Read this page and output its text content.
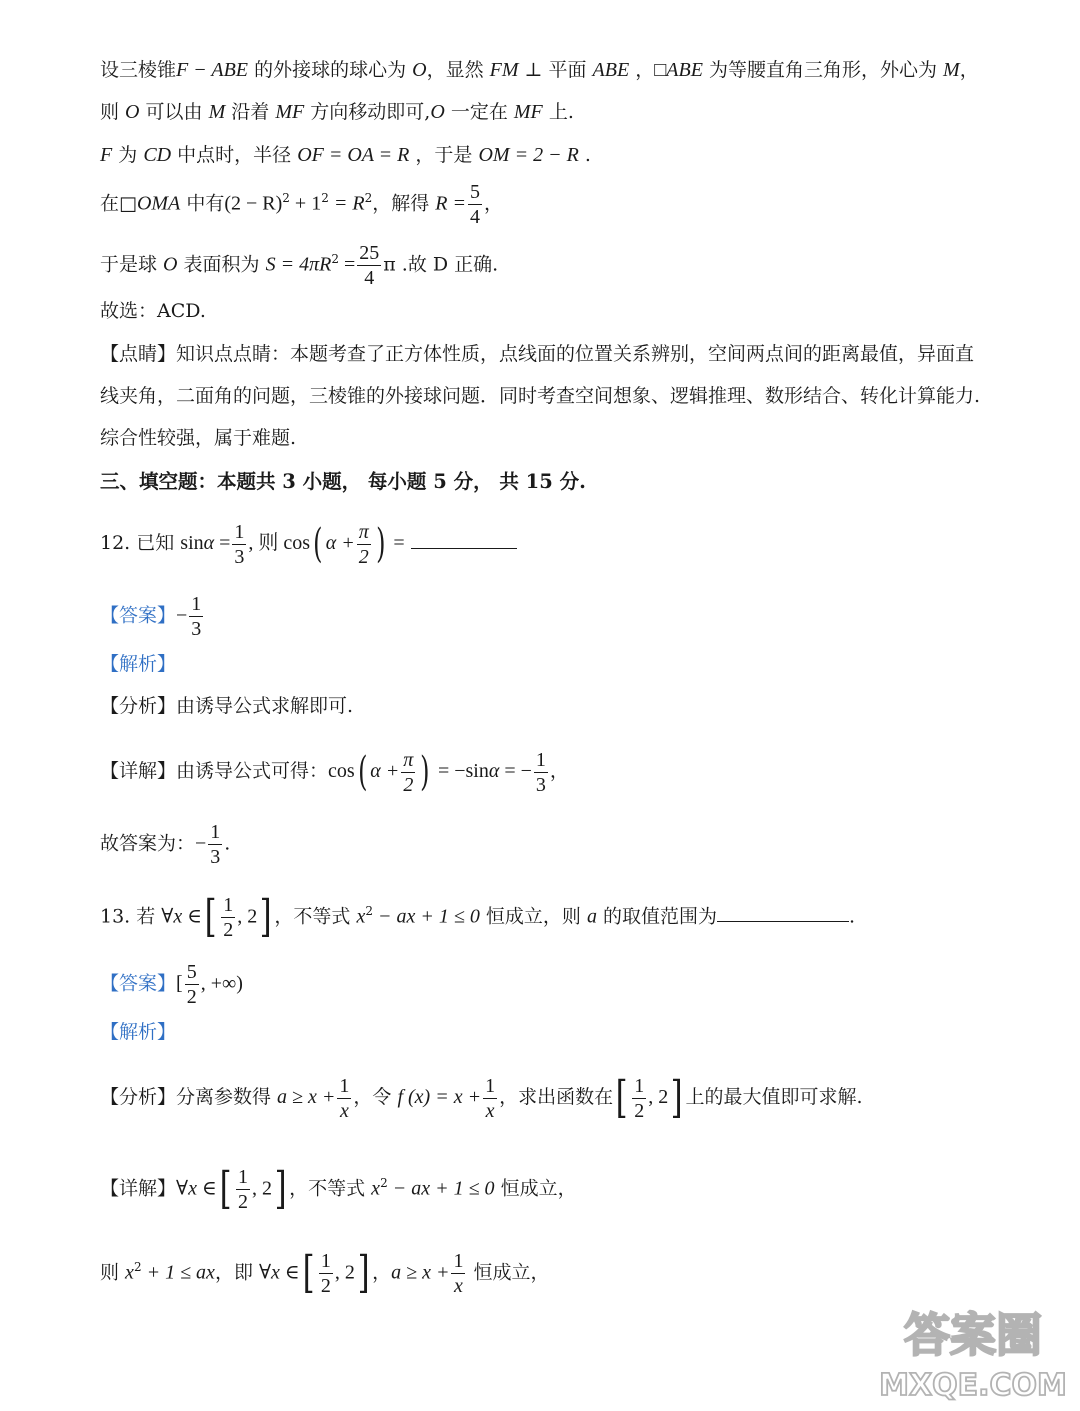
设三棱锥F − ABE 的外接球的球心为 O，显然 FM ⊥ 平面 ABE ，□ABE 为等腰直角三角形，外心为 M，
则 O 可以由 M 沿着 MF 方向移动即可,O 一定在 MF 上.
F 为 CD 中点时，半径 OF = OA = R ，于是 OM = 2 − R .
在□OMA 中有$(2 - R)^2 + 1^2 = R^2$，解得 $R = \frac{5}{4}$ ，
于是球 O 表面积为 $S = 4\pi R^2 = \frac{25}{4}$ π .故 D 正确.
故选：ACD.
【点睛】知识点点睛：本题考查了正方体性质，点线面的位置关系辨别，空间两点间的距离最值，异面直
线夹角，二面角的问题，三棱锥的外接球问题．同时考查空间想象、逻辑推理、数形结合、转化计算能力.
综合性较强，属于难题.
三、填空题：本题共 3 小题， 每小题 5 分， 共 15 分.
12. 已知 $\sin\alpha = \frac{1}{3}$ , 则 cos( $\alpha + \frac{\pi}{2}$ ) =
【答案】− $\frac{1}{3}$
【解析】
【分析】由诱导公式求解即可.
【详解】由诱导公式可得：cos( $\alpha + \frac{\pi}{2}$ ) = −sinα = − $\frac{1}{3}$ ，
故答案为：− $\frac{1}{3}$ .
13. 若 ∀x ∈[ $\frac{1}{2}$ , 2] ，不等式 $x^2$ − ax + 1 ≤ 0 恒成立，则 a 的取值范围为	.
【答案】[ $\frac{5}{2}$ , +∞)
【解析】
【分析】分离参数得 $a \ge x + \frac{1}{x}$ ，令 f $(x) = x + \frac{1}{x}$ ，求出函数在[ $\frac{1}{2}$ , 2] 上的最大值即可求解.
【详解】∀x ∈[ $\frac{1}{2}$ , 2] ，不等式 $x^2$ − ax + 1 ≤ 0 恒成立，
则 $x^2 + 1$ ≤ ax，即 ∀x ∈[ $\frac{1}{2}$ , 2] ，$a \ge x + \frac{1}{x}$ 恒成立，
答案圈
MXQE.COM
